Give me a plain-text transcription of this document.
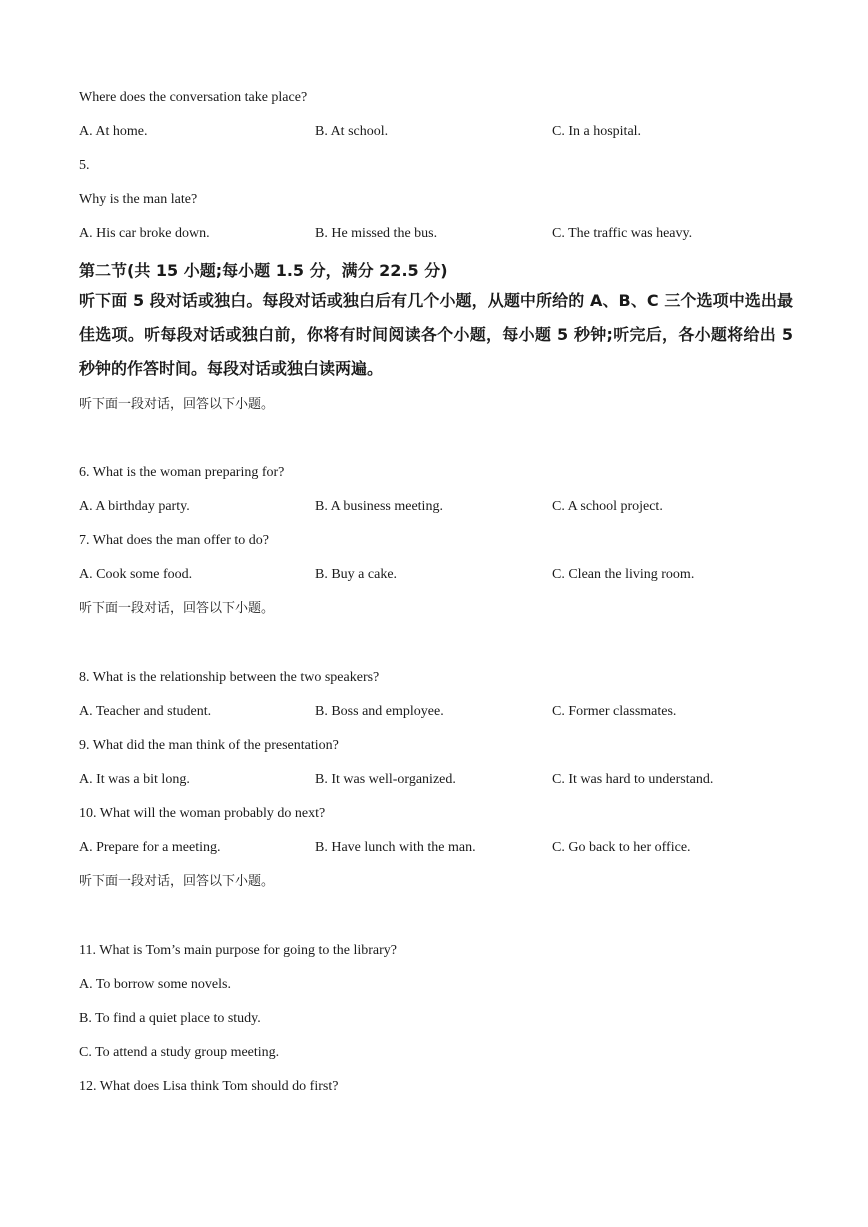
Where does the conversation take place?
A. At home.	B. At school.	C. In a hospital.
5.
Why is the man late?
A. His car broke down.	B. He missed the bus.	C. The traffic was heavy.
第二节(共 15 小题;每小题 1.5 分，满分 22.5 分)
听下面 5 段对话或独白。每段对话或独白后有几个小题，从题中所给的 A、B、C 三个选项中选出最佳选项。听每段对话或独白前，你将有时间阅读各个小题，每小题 5 秒钟;听完后，各小题将给出 5 秒钟的作答时间。每段对话或独白读两遍。
听下面一段对话，回答以下小题。
6. What is the woman preparing for?
A. A birthday party.	B. A business meeting.	C. A school project.
7. What does the man offer to do?
A. Cook some food.	B. Buy a cake.	C. Clean the living room.
听下面一段对话，回答以下小题。
8. What is the relationship between the two speakers?
A. Teacher and student.	B. Boss and employee.	C. Former classmates.
9. What did the man think of the presentation?
A. It was a bit long.	B. It was well-organized.	C. It was hard to understand.
10. What will the woman probably do next?
A. Prepare for a meeting.	B. Have lunch with the man.	C. Go back to her office.
听下面一段对话，回答以下小题。
11. What is Tom’s main purpose for going to the library?
A. To borrow some novels.
B. To find a quiet place to study.
C. To attend a study group meeting.
12. What does Lisa think Tom should do first?
